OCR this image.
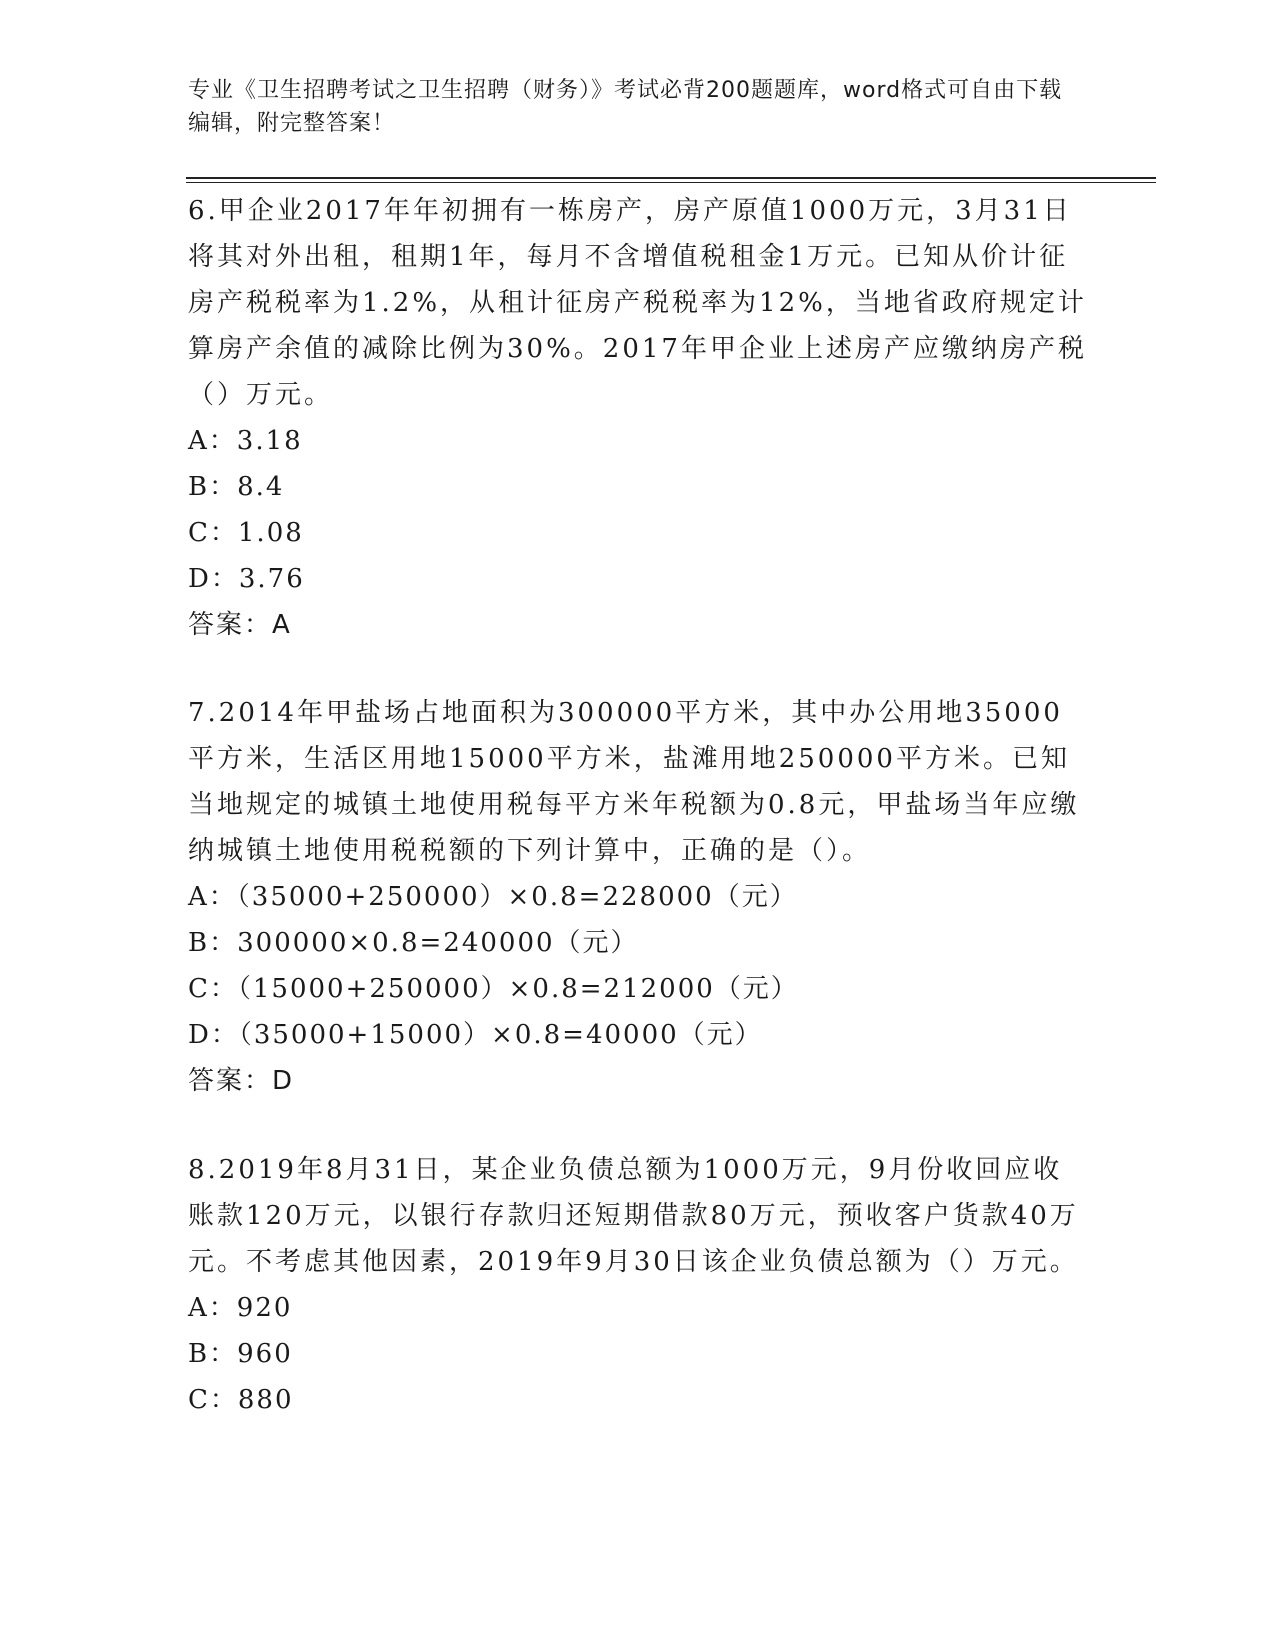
专业《卫生招聘考试之卫生招聘（财务）》考试必背200题题库，word格式可自由下载编辑，附完整答案！

6.甲企业2017年年初拥有一栋房产，房产原值1000万元，3月31日将其对外出租，租期1年，每月不含增值税租金1万元。已知从价计征房产税税率为1.2%，从租计征房产税税率为12%，当地省政府规定计算房产余值的减除比例为30%。2017年甲企业上述房产应缴纳房产税（）万元。

A：3.18

B：8.4

C：1.08

D：3.76

答案：A

7.2014年甲盐场占地面积为300000平方米，其中办公用地35000平方米，生活区用地15000平方米，盐滩用地250000平方米。已知当地规定的城镇土地使用税每平方米年税额为0.8元，甲盐场当年应缴纳城镇土地使用税税额的下列计算中，正确的是（）。

A：（35000+250000）×0.8=228000（元）

B：300000×0.8=240000（元）

C：（15000+250000）×0.8=212000（元）

D：（35000+15000）×0.8=40000（元）

答案：D

8.2019年8月31日，某企业负债总额为1000万元，9月份收回应收账款120万元，以银行存款归还短期借款80万元，预收客户货款40万元。不考虑其他因素，2019年9月30日该企业负债总额为（）万元。

A：920

B：960

C：880
